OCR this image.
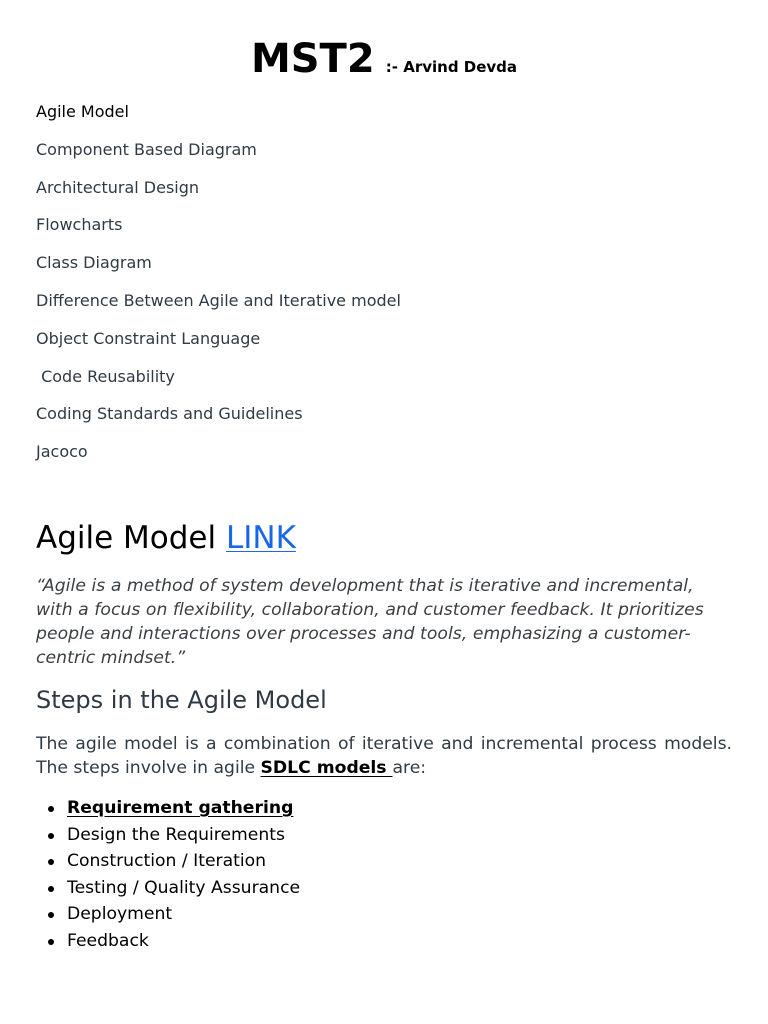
MST2 :- Arvind Devda
Agile Model
Component Based Diagram
Architectural Design
Flowcharts
Class Diagram
Difference Between Agile and Iterative model
Object Constraint Language
Code Reusability
Coding Standards and Guidelines
Jacoco
Agile Model LINK

“Agile is a method of system development that is iterative and incremental, with a focus on flexibility, collaboration, and customer feedback. It prioritizes people and interactions over processes and tools, emphasizing a customer-centric mindset.”

Steps in the Agile Model

The agile model is a combination of iterative and incremental process models. The steps involve in agile SDLC models are:

Requirement gathering
Design the Requirements
Construction / Iteration
Testing / Quality Assurance
Deployment
Feedback
